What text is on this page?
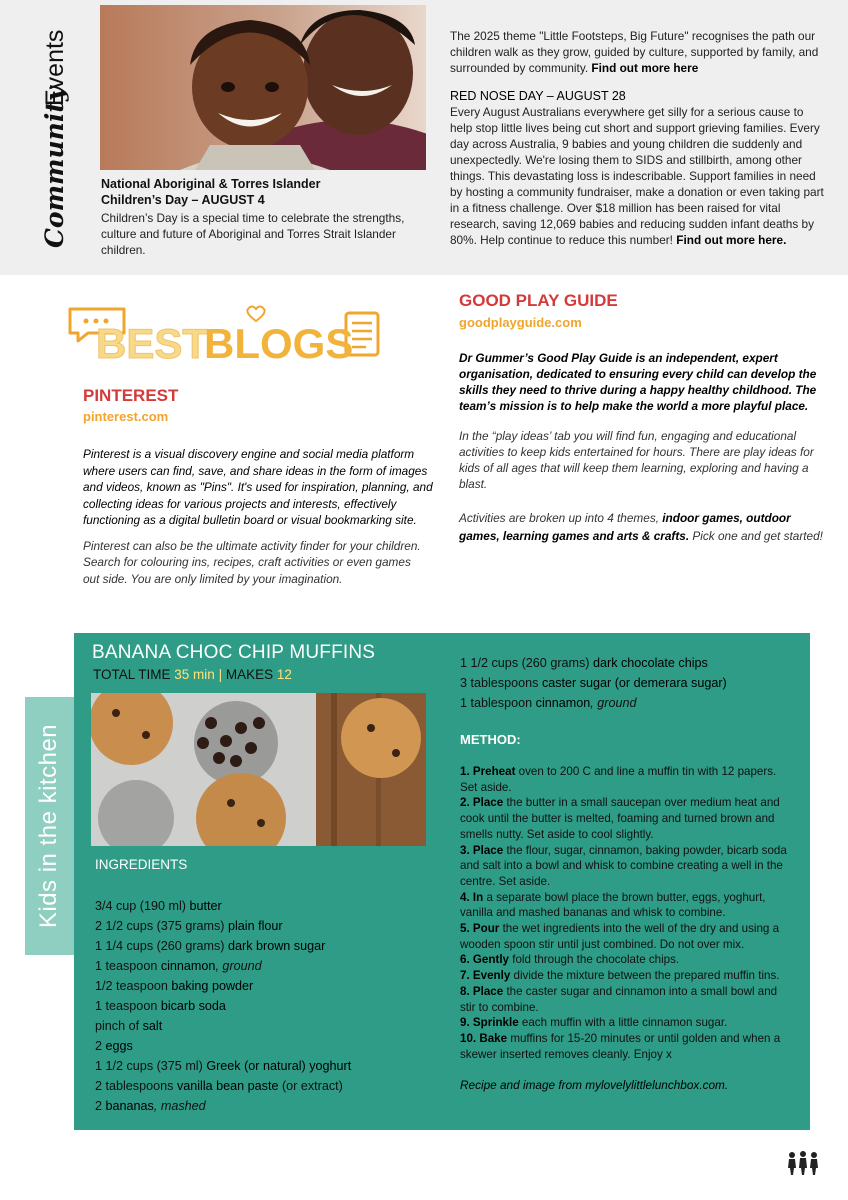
Community
Events
National Aboriginal & Torres Islander
Children’s Day – AUGUST 4
Children’s Day is a special time to celebrate the strengths, culture and future of Aboriginal and Torres Strait Islander children.

The 2025 theme "Little Footsteps, Big Future" recognises the path our children walk as they grow, guided by culture, supported by family, and surrounded by community. Find out more here

RED NOSE DAY – AUGUST 28

Every August Australians everywhere get silly for a serious cause to help stop little lives being cut short and support grieving families. Every day across Australia, 9 babies and young children die suddenly and unexpectedly. We're losing them to SIDS and stillbirth, among other things. This devastating loss is indescribable. Support families in need by hosting a community fundraiser, make a donation or even taking part in a fitness challenge. Over $18 million has been raised for vital research, saving 12,069 babies and reducing sudden infant deaths by 80%. Help continue to reduce this number! Find out more here.

BEST
BLOGS
PINTEREST
pinterest.com
Pinterest is a visual discovery engine and social media platform where users can find, save, and share ideas in the form of images and videos, known as "Pins". It's used for inspiration, planning, and collecting ideas for various projects and interests, effectively functioning as a digital bulletin board or visual bookmarking site.
Pinterest can also be the ultimate activity finder for your children. Search for colouring ins, recipes, craft activities or even games out side. You are only limited by your imagination.
GOOD PLAY GUIDE
goodplayguide.com
Dr Gummer’s Good Play Guide is an independent, expert organisation, dedicated to ensuring every child can develop the skills they need to thrive during a happy healthy childhood. The team’s mission is to help make the world a more playful place.
In the “play ideas’ tab you will find fun, engaging and educational activities to keep kids entertained for hours. There are play ideas for kids of all ages that will keep them learning, exploring and having a blast.
Activities are broken up into 4 themes, indoor games, outdoor games, learning games and arts & crafts. Pick one and get started!
Kids in the kitchen
BANANA CHOC CHIP MUFFINS
TOTAL TIME 35 min | MAKES 12
INGREDIENTS
3/4 cup (190 ml) butter
2 1/2 cups (375 grams) plain flour
1 1/4 cups (260 grams) dark brown sugar
1 teaspoon cinnamon, ground
1/2 teaspoon baking powder
1 teaspoon bicarb soda
pinch of salt
2 eggs
1 1/2 cups (375 ml) Greek (or natural) yoghurt
2 tablespoons vanilla bean paste (or extract)
2 bananas, mashed
1 1/2 cups (260 grams) dark chocolate chips
3 tablespoons caster sugar (or demerara sugar)
1 tablespoon cinnamon, ground
METHOD:
1. Preheat oven to 200 C and line a muffin tin with 12 papers. Set aside.
2. Place the butter in a small saucepan over medium heat and cook until the butter is melted, foaming and turned brown and smells nutty. Set aside to cool slightly.
3. Place the flour, sugar, cinnamon, baking powder, bicarb soda and salt into a bowl and whisk to combine creating a well in the centre. Set aside.
4. In a separate bowl place the brown butter, eggs, yoghurt, vanilla and mashed bananas and whisk to combine.
5. Pour the wet ingredients into the well of the dry and using a wooden spoon stir until just combined. Do not over mix.
6. Gently fold through the chocolate chips.
7. Evenly divide the mixture between the prepared muffin tins.
8. Place the caster sugar and cinnamon into a small bowl and stir to combine.
9. Sprinkle each muffin with a little cinnamon sugar.
10. Bake muffins for 15-20 minutes or until golden and when a skewer inserted removes cleanly. Enjoy x
Recipe and image from mylovelylittlelunchbox.com.
